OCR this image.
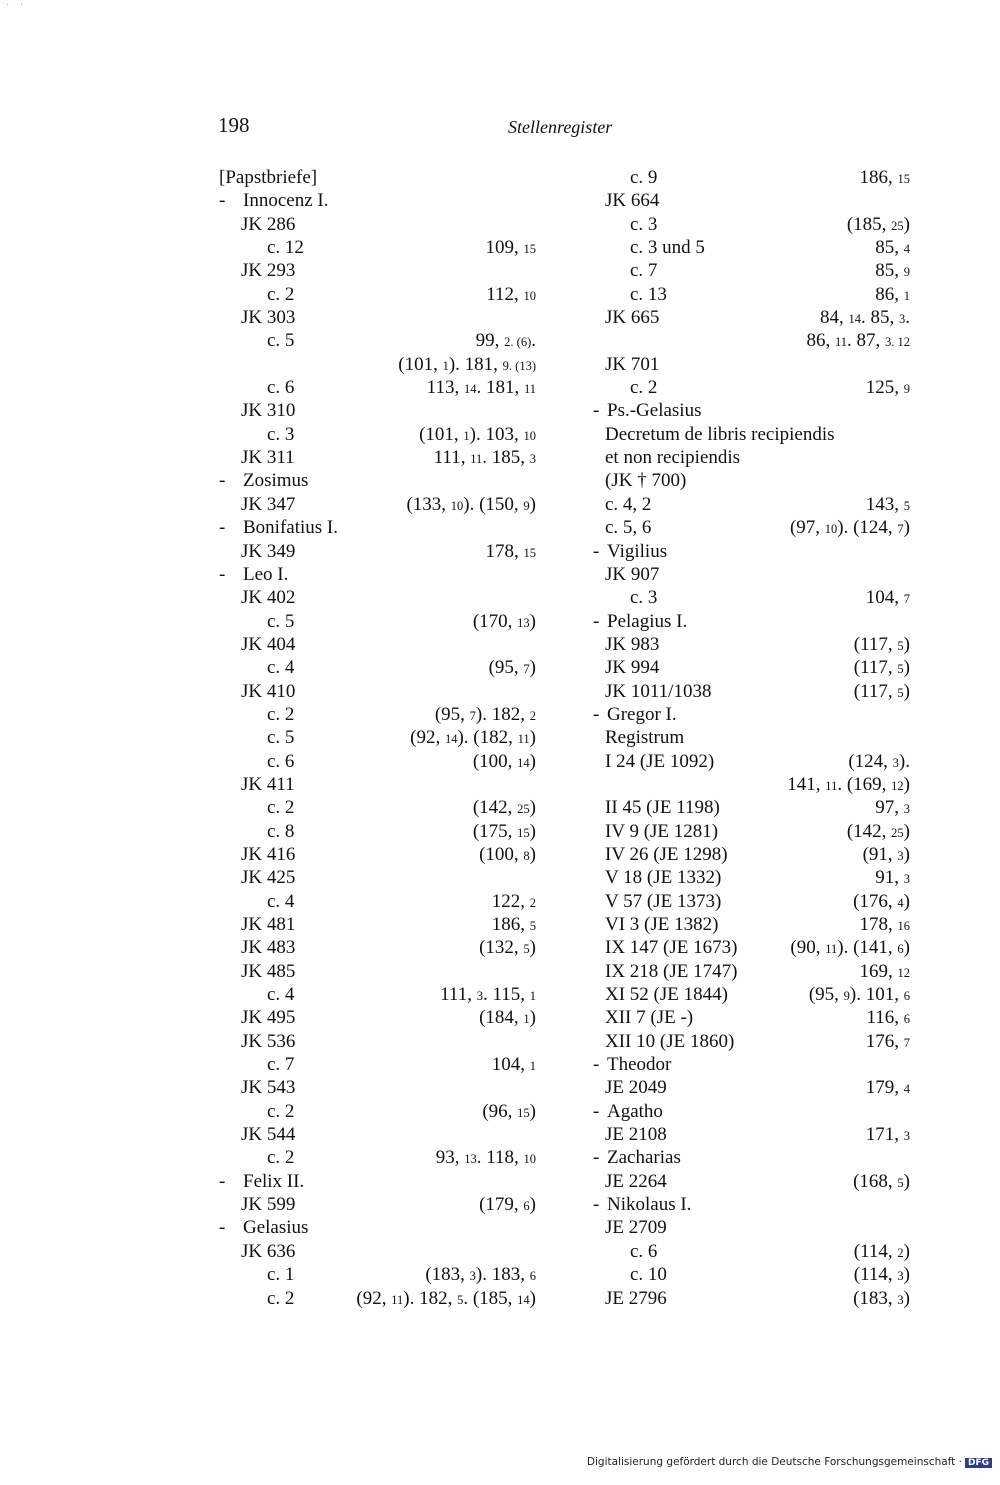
· ·
198	Stellenregister
[Papstbriefe]
- Innocenz I.
JK 286
c. 12	109, 15
JK 293
c. 2	112, 10
JK 303
c. 5	99, 2. (6).
(101, 1). 181, 9. (13)
c. 6	113, 14. 181, 11
JK 310
c. 3	(101, 1). 103, 10
JK 311	111, 11. 185, 3
- Zosimus
JK 347	(133, 10). (150, 9)
- Bonifatius I.
JK 349	178, 15
- Leo I.
JK 402
c. 5	(170, 13)
JK 404
c. 4	(95, 7)
JK 410
c. 2	(95, 7). 182, 2
c. 5	(92, 14). (182, 11)
c. 6	(100, 14)
JK 411
c. 2	(142, 25)
c. 8	(175, 15)
JK 416	(100, 8)
JK 425
c. 4	122, 2
JK 481	186, 5
JK 483	(132, 5)
JK 485
c. 4	111, 3. 115, 1
JK 495	(184, 1)
JK 536
c. 7	104, 1
JK 543
c. 2	(96, 15)
JK 544
c. 2	93, 13. 118, 10
- Felix II.
JK 599	(179, 6)
- Gelasius
JK 636
c. 1	(183, 3). 183, 6
c. 2	(92, 11). 182, 5. (185, 14)
c. 9	186, 15
JK 664
c. 3	(185, 25)
c. 3 und 5	85, 4
c. 7	85, 9
c. 13	86, 1
JK 665	84, 14. 85, 3.
86, 11. 87, 3. 12
JK 701
c. 2	125, 9
- Ps.-Gelasius
Decretum de libris recipiendis
et non recipiendis
(JK † 700)
c. 4, 2	143, 5
c. 5, 6	(97, 10). (124, 7)
- Vigilius
JK 907
c. 3	104, 7
- Pelagius I.
JK 983	(117, 5)
JK 994	(117, 5)
JK 1011/1038	(117, 5)
- Gregor I.
Registrum
I 24 (JE 1092)	(124, 3).
141, 11. (169, 12)
II 45 (JE 1198)	97, 3
IV 9 (JE 1281)	(142, 25)
IV 26 (JE 1298)	(91, 3)
V 18 (JE 1332)	91, 3
V 57 (JE 1373)	(176, 4)
VI 3 (JE 1382)	178, 16
IX 147 (JE 1673)	(90, 11). (141, 6)
IX 218 (JE 1747)	169, 12
XI 52 (JE 1844)	(95, 9). 101, 6
XII 7 (JE -)	116, 6
XII 10 (JE 1860)	176, 7
- Theodor
JE 2049	179, 4
- Agatho
JE 2108	171, 3
- Zacharias
JE 2264	(168, 5)
- Nikolaus I.
JE 2709
c. 6	(114, 2)
c. 10	(114, 3)
JE 2796	(183, 3)
Digitalisierung gefördert durch die Deutsche Forschungsgemeinschaft · DFG
